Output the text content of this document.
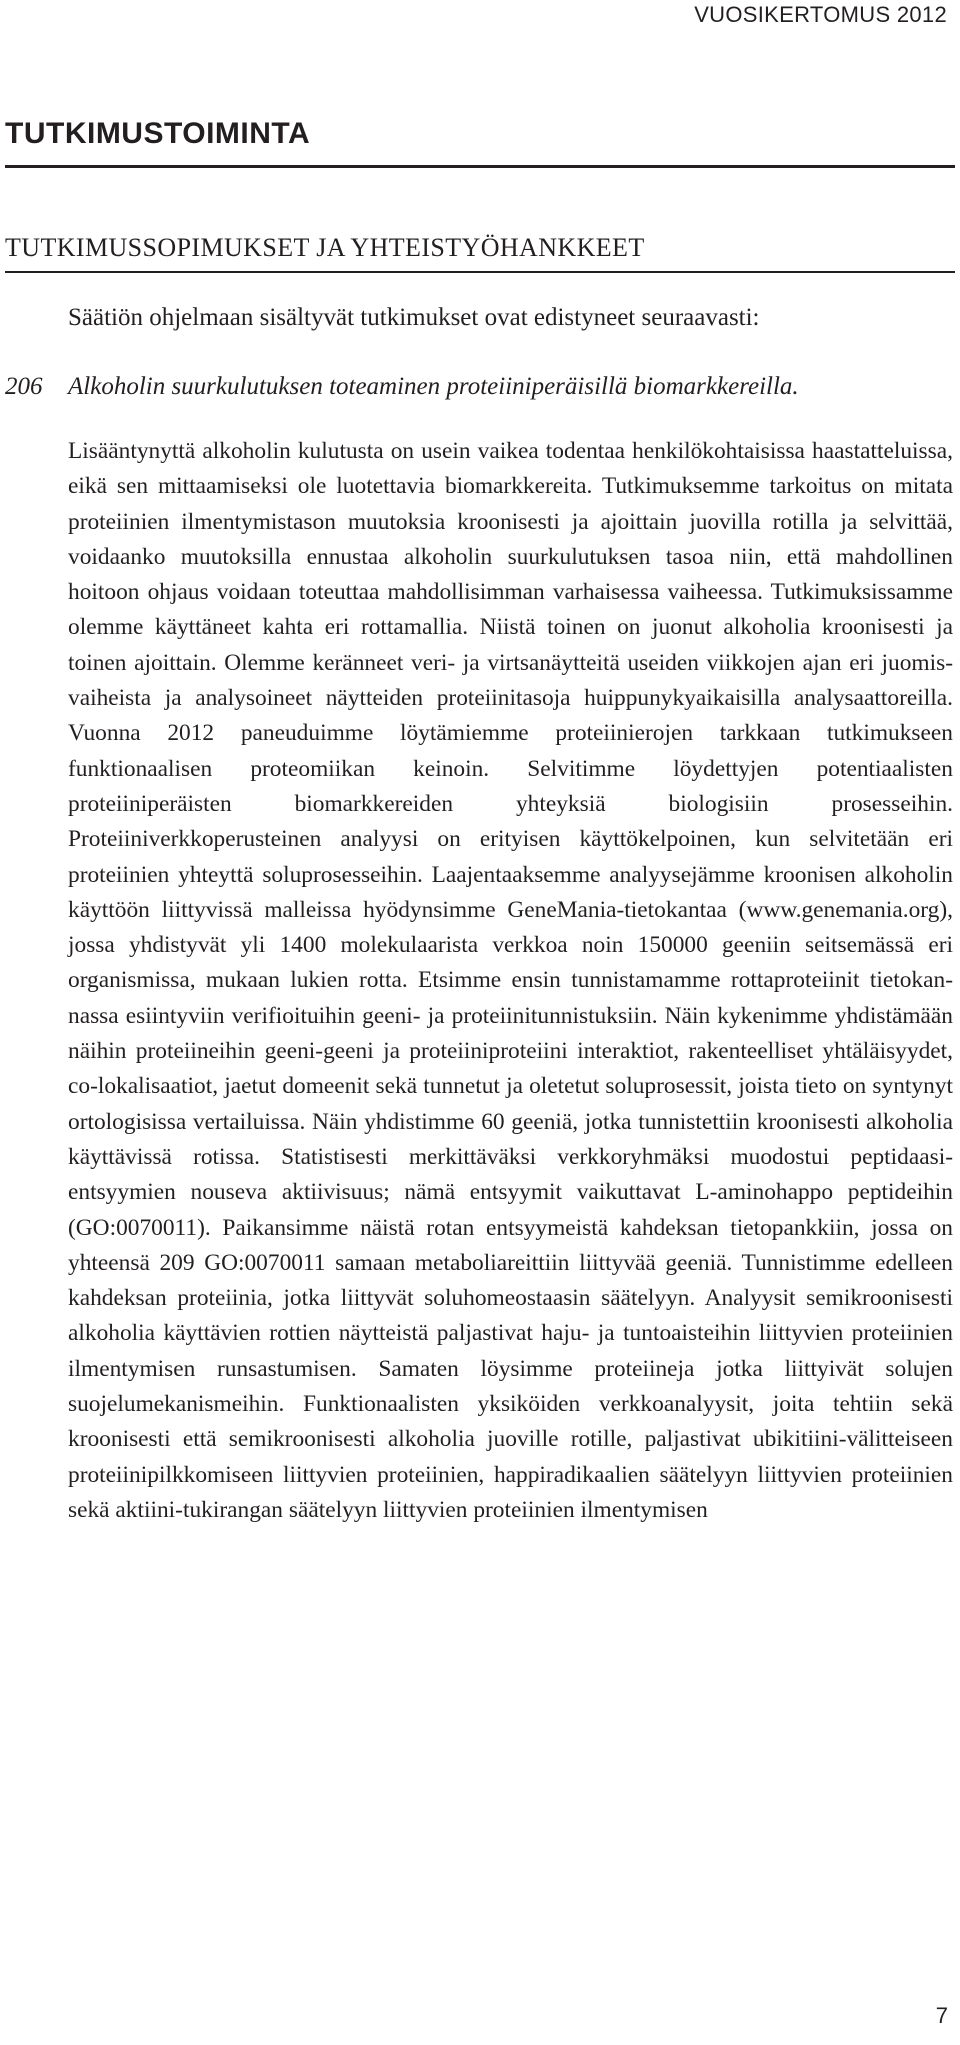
VUOSIKERTOMUS 2012
TUTKIMUSTOIMINTA
TUTKIMUSSOPIMUKSET JA YHTEISTYÖHANKKEET

Säätiön ohjelmaan sisältyvät tutkimukset ovat edistyneet seuraavasti:

206 Alkoholin suurkulutuksen toteaminen proteiiniperäisillä biomarkkereilla.

Lisääntynyttä alkoholin kulutusta on usein vaikea todentaa henkilökohtaisissa haastatteluissa, eikä sen mittaamiseksi ole luotettavia biomarkkereita. Tutkimuksemme tarkoitus on mitata proteiinien ilmentymistason muutoksia kroonisesti ja ajoittain juovilla rotilla ja selvittää, voidaanko muutoksilla ennustaa alkoholin suurkulutuksen tasoa niin, että mahdollinen hoitoon ohjaus voidaan toteuttaa mahdollisimman varhaisessa vaiheessa. Tutkimuksissamme olemme käyttäneet kahta eri rottamallia. Niistä toinen on juonut alkoholia kroonisesti ja toinen ajoittain. Olemme keränneet veri- ja virtsanäytteitä useiden viikkojen ajan eri juomisvaiheista ja analysoineet näytteiden proteiinitasoja huippunykyaikaisilla analysaattoreilla. Vuonna 2012 paneuduimme löytämiemme proteiinierojen tarkkaan tutkimukseen funktionaalisen proteomiikan keinoin. Selvitimme löydettyjen potentiaalisten proteiiniperäisten biomarkkereiden yhteyksiä biologisiin prosesseihin. Proteiiniverkkoperusteinen analyysi on erityisen käyttökelpoinen, kun selvitetään eri proteiinien yhteyttä soluprosesseihin. Laajentaaksemme analyysejämme kroonisen alkoholin käyttöön liittyvissä malleissa hyödynsimme GeneMania-tietokantaa (www.genemania.org), jossa yhdistyvät yli 1400 molekulaarista verkkoa noin 150000 geeniin seitsemässä eri organismissa, mukaan lukien rotta. Etsimme ensin tunnistamamme rottaproteiinit tietokannassa esiintyviin verifioituihin geeni- ja proteiinitunnistuksiin. Näin kykenimme yhdistämään näihin proteiineihin geeni-geeni ja proteiiniproteiini interaktiot, rakenteelliset yhtäläisyydet, co-lokalisaatiot, jaetut domeenit sekä tunnetut ja oletetut soluprosessit, joista tieto on syntynyt ortologisissa vertailuissa. Näin yhdistimme 60 geeniä, jotka tunnistettiin kroonisesti alkoholia käyttävissä rotissa. Statistisesti merkittäväksi verkkoryhmäksi muodostui peptidaasi-entsyymien nouseva aktiivisuus; nämä entsyymit vaikuttavat L-aminohappo peptideihin (GO:0070011). Paikansimme näistä rotan entsyymeistä kahdeksan tietopankkiin, jossa on yhteensä 209 GO:0070011 samaan metaboliareittiin liittyvää geeniä. Tunnistimme edelleen kahdeksan proteiinia, jotka liittyvät soluhomeostaasin säätelyyn. Analyysit semikroonisesti alkoholia käyttävien rottien näytteistä paljastivat haju- ja tuntoaisteihin liittyvien proteiinien ilmentymisen runsastumisen. Samaten löysimme proteiineja jotka liittyivät solujen suojelumekanismeihin. Funktionaalisten yksiköiden verkkoanalyysit, joita tehtiin sekä kroonisesti että semikroonisesti alkoholia juoville rotille, paljastivat ubikitiini-välitteiseen proteiinipilkkomiseen liittyvien proteiinien, happiradikaalien säätelyyn liittyvien proteiinien sekä aktiini-tukirangan säätelyyn liittyvien proteiinien ilmentymisen

7
